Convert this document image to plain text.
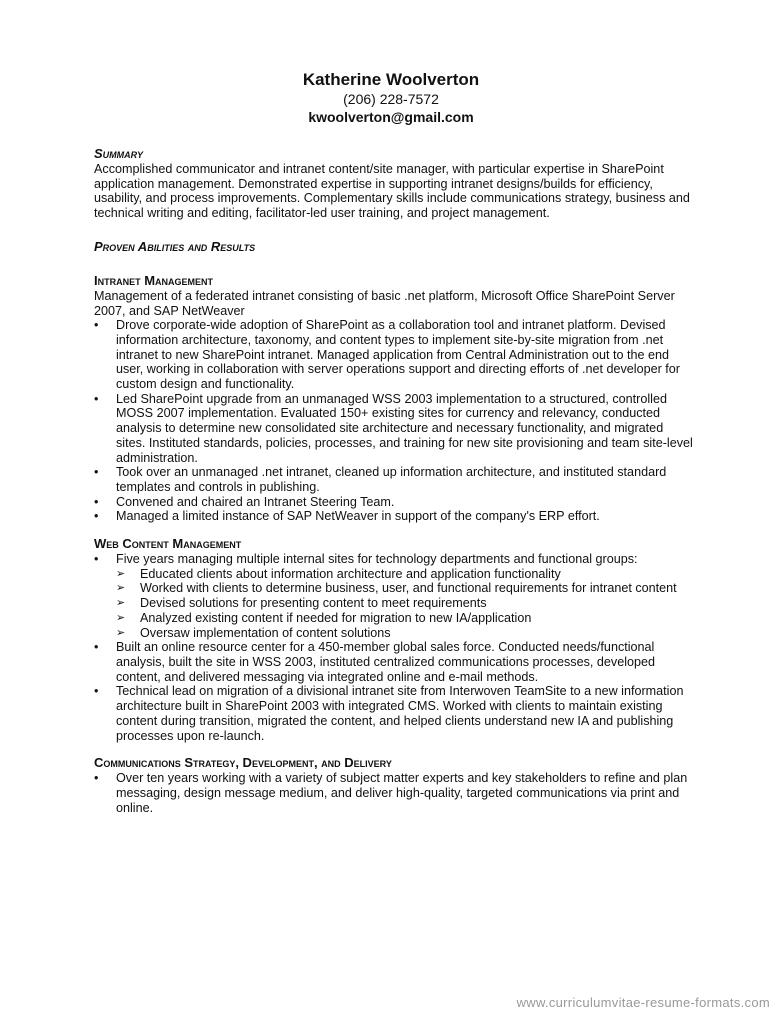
Katherine Woolverton
(206) 228-7572
kwoolverton@gmail.com
Summary

Accomplished communicator and intranet content/site manager, with particular expertise in SharePoint application management. Demonstrated expertise in supporting intranet designs/builds for efficiency, usability, and process improvements. Complementary skills include communications strategy, business and technical writing and editing, facilitator-led user training, and project management.

Proven Abilities and Results
Intranet Management

Management of a federated intranet consisting of basic .net platform, Microsoft Office SharePoint Server 2007, and SAP NetWeaver

•	Drove corporate-wide adoption of SharePoint as a collaboration tool and intranet platform. Devised information architecture, taxonomy, and content types to implement site-by-site migration from .net intranet to new SharePoint intranet. Managed application from Central Administration out to the end user, working in collaboration with server operations support and directing efforts of .net developer for custom design and functionality.
•	Led SharePoint upgrade from an unmanaged WSS 2003 implementation to a structured, controlled MOSS 2007 implementation. Evaluated 150+ existing sites for currency and relevancy, conducted analysis to determine new consolidated site architecture and necessary functionality, and migrated sites. Instituted standards, policies, processes, and training for new site provisioning and team site-level administration.
•	Took over an unmanaged .net intranet, cleaned up information architecture, and instituted standard templates and controls in publishing.
•	Convened and chaired an Intranet Steering Team.
•	Managed a limited instance of SAP NetWeaver in support of the company's ERP effort.
Web Content Management
•	Five years managing multiple internal sites for technology departments and functional groups:
➢ Educated clients about information architecture and application functionality
➢ Worked with clients to determine business, user, and functional requirements for intranet content
➢ Devised solutions for presenting content to meet requirements
➢ Analyzed existing content if needed for migration to new IA/application
➢ Oversaw implementation of content solutions
•	Built an online resource center for a 450-member global sales force. Conducted needs/functional analysis, built the site in WSS 2003, instituted centralized communications processes, developed content, and delivered messaging via integrated online and e-mail methods.
•	Technical lead on migration of a divisional intranet site from Interwoven TeamSite to a new information architecture built in SharePoint 2003 with integrated CMS. Worked with clients to maintain existing content during transition, migrated the content, and helped clients understand new IA and publishing processes upon re-launch.
Communications Strategy, Development, and Delivery
•	Over ten years working with a variety of subject matter experts and key stakeholders to refine and plan messaging, design message medium, and deliver high-quality, targeted communications via print and online.
www.curriculumvitae-resume-formats.com
